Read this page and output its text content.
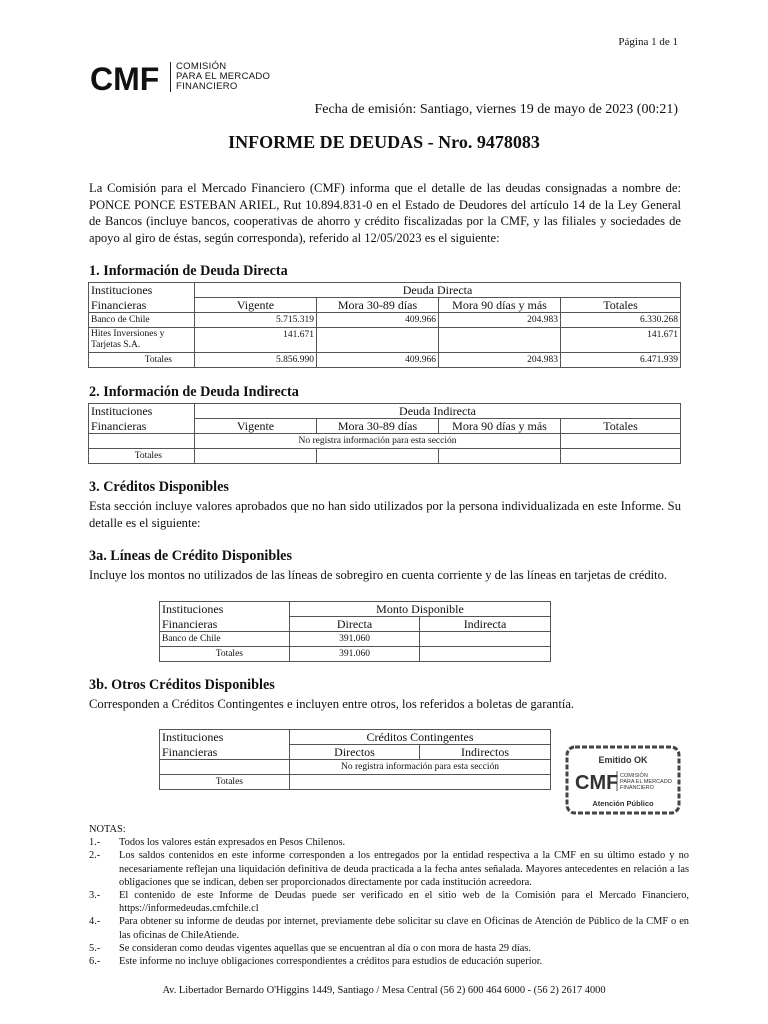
Página 1 de 1
CMF COMISIÓN
PARA EL MERCADO
FINANCIERO
Fecha de emisión: Santiago, viernes 19 de mayo de 2023 (00:21)
INFORME DE DEUDAS - Nro. 9478083
La Comisión para el Mercado Financiero (CMF) informa que el detalle de las deudas consignadas a nombre de: PONCE PONCE ESTEBAN ARIEL, Rut 10.894.831-0 en el Estado de Deudores del artículo 14 de la Ley General de Bancos (incluye bancos, cooperativas de ahorro y crédito fiscalizadas por la CMF, y las filiales y sociedades de apoyo al giro de éstas, según corresponda), referido al 12/05/2023 es el siguiente:
1. Información de Deuda Directa
Instituciones	Deuda Directa			
Financieras	Vigente	Mora 30-89 días	Mora 90 días y más	Totales
Banco de Chile	5.715.319	409.966	204.983	6.330.268
Hites Inversiones y Tarjetas S.A.	141.671			141.671
Totales	5.856.990	409.966	204.983	6.471.939
2. Información de Deuda Indirecta
Instituciones	Deuda Indirecta			
Financieras	Vigente	Mora 30-89 días	Mora 90 días y más	Totales
	No registra información para esta sección			
Totales				
3. Créditos Disponibles
Esta sección incluye valores aprobados que no han sido utilizados por la persona individualizada en este Informe. Su detalle es el siguiente:
3a. Líneas de Crédito Disponibles
Incluye los montos no utilizados de las líneas de sobregiro en cuenta corriente y de las líneas en tarjetas de crédito.
Instituciones	Monto Disponible	
Financieras	Directa	Indirecta
Banco de Chile	391.060	
Totales	391.060	
3b. Otros Créditos Disponibles
Corresponden a Créditos Contingentes e incluyen entre otros, los referidos a boletas de garantía.
Instituciones	Créditos Contingentes	
Financieras	Directos	Indirectos
	No registra información para esta sección	
Totales		
Emitido OK
CMF COMISIÓN
PARA EL MERCADO
FINANCIERO
Atención Público
NOTAS:
1.-	Todos los valores están expresados en Pesos Chilenos.
2.-	Los saldos contenidos en este informe corresponden a los entregados por la entidad respectiva a la CMF en su último estado y no necesariamente reflejan una liquidación definitiva de deuda practicada a la fecha antes señalada. Mayores antecedentes en relación a las obligaciones que se indican, deben ser proporcionados directamente por cada institución acreedora.
3.-	El contenido de este Informe de Deudas puede ser verificado en el sitio web de la Comisión para el Mercado Financiero, https://informedeudas.cmfchile.cl
4.-	Para obtener su informe de deudas por internet, previamente debe solicitar su clave en Oficinas de Atención de Público de la CMF o en las oficinas de ChileAtiende.
5.-	Se consideran como deudas vigentes aquellas que se encuentran al día o con mora de hasta 29 días.
6.-	Este informe no incluye obligaciones correspondientes a créditos para estudios de educación superior.
Av. Libertador Bernardo O'Higgins 1449, Santiago / Mesa Central (56 2) 600 464 6000 - (56 2) 2617 4000
